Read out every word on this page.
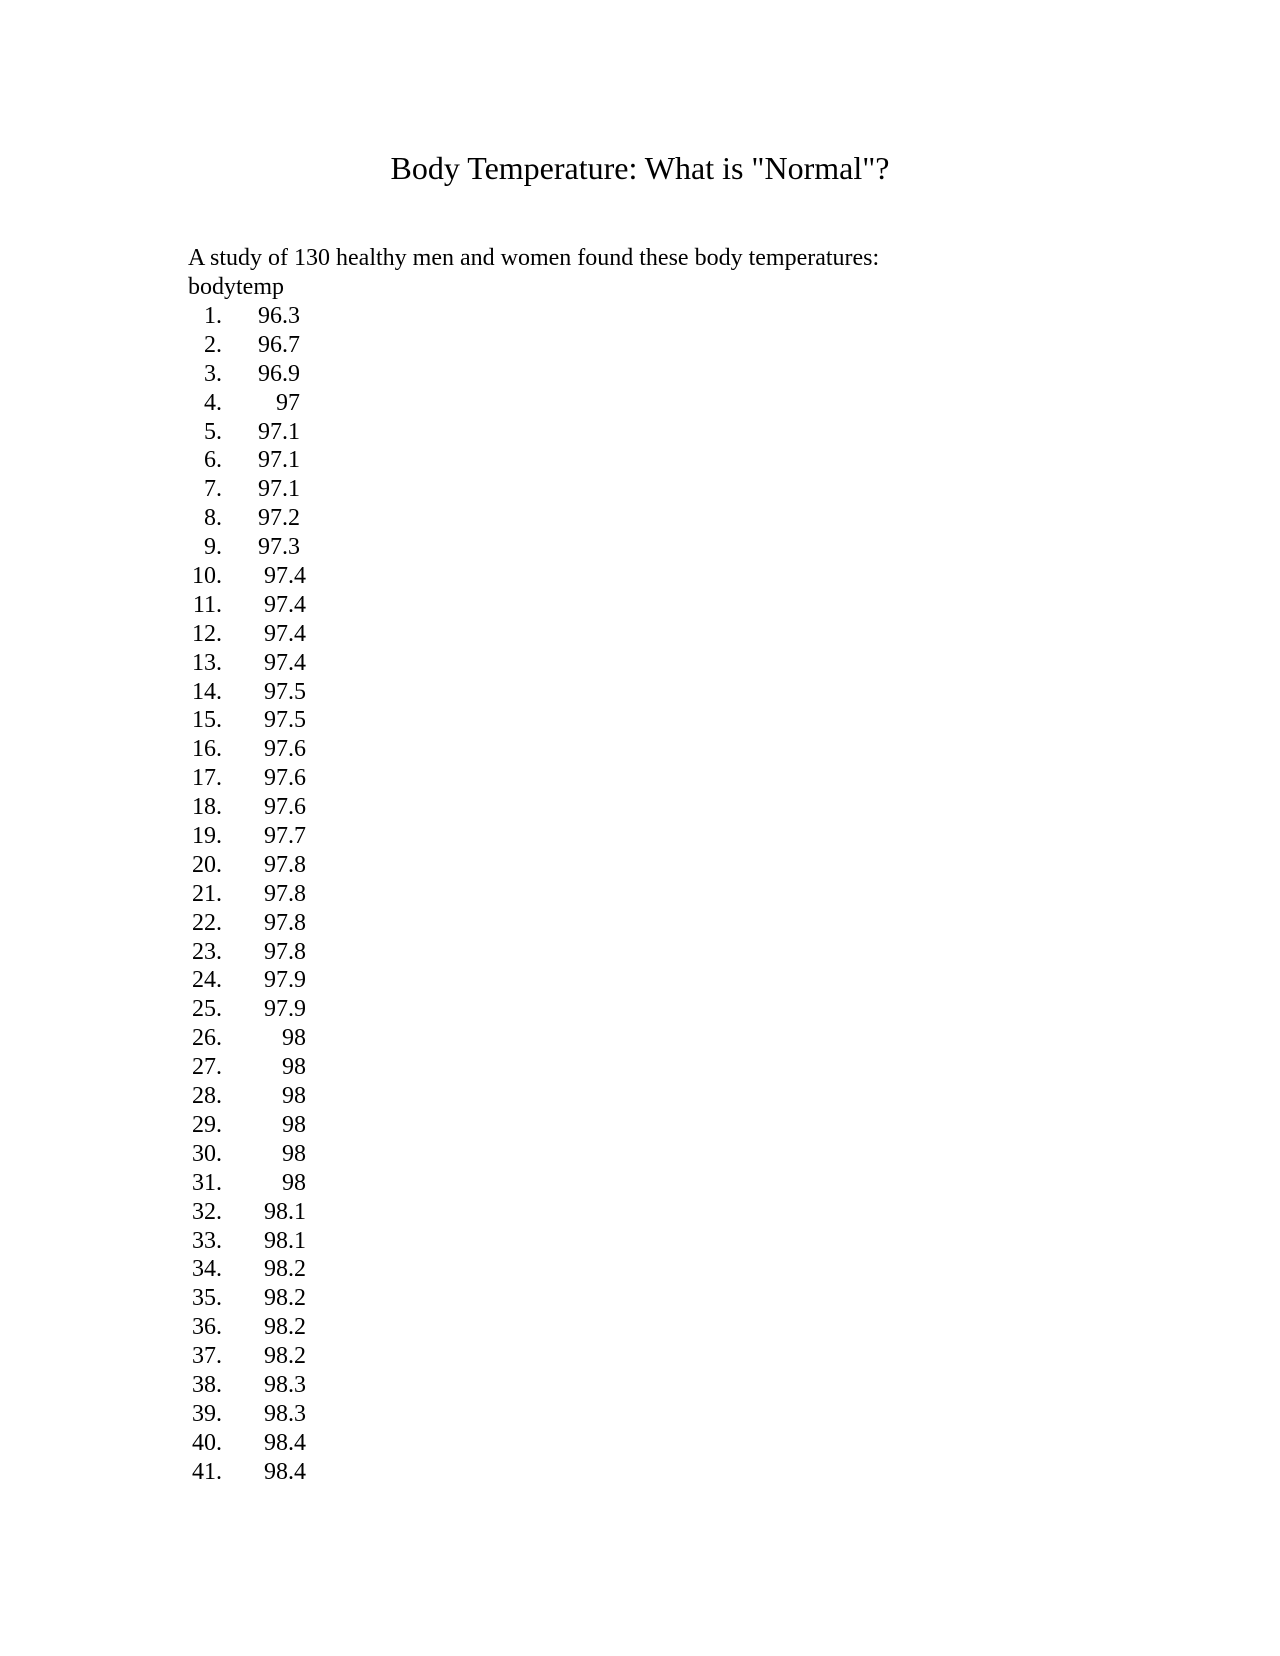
Body Temperature: What is "Normal"?
A study of 130 healthy men and women found these body temperatures:
bodytemp
1.	96.3
2.	96.7
3.	96.9
4.	97
5.	97.1
6.	97.1
7.	97.1
8.	97.2
9.	97.3
10.	97.4
11.	97.4
12.	97.4
13.	97.4
14.	97.5
15.	97.5
16.	97.6
17.	97.6
18.	97.6
19.	97.7
20.	97.8
21.	97.8
22.	97.8
23.	97.8
24.	97.9
25.	97.9
26.	98
27.	98
28.	98
29.	98
30.	98
31.	98
32.	98.1
33.	98.1
34.	98.2
35.	98.2
36.	98.2
37.	98.2
38.	98.3
39.	98.3
40.	98.4
41.	98.4
